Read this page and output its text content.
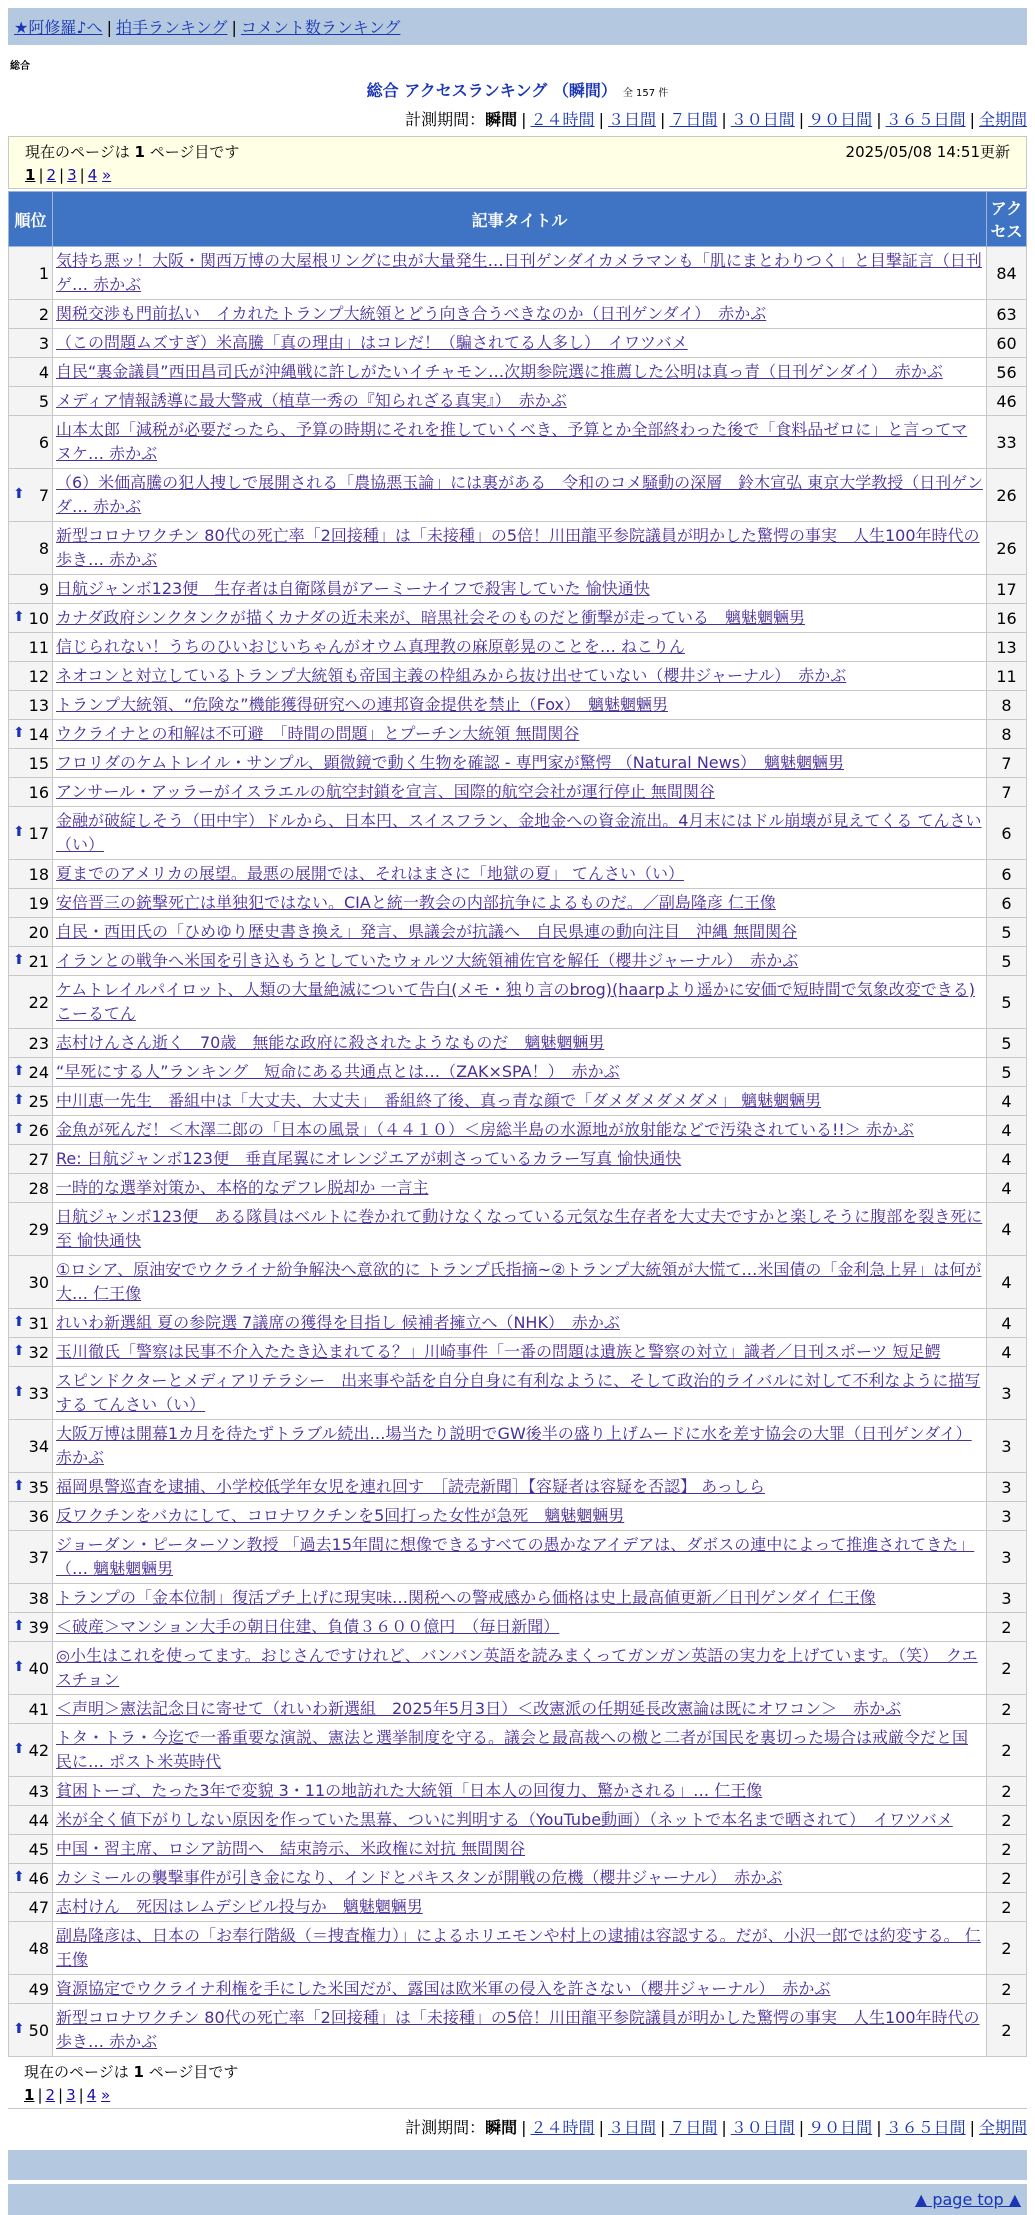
★阿修羅♪へ | 拍手ランキング | コメント数ランキング
総合
総合 アクセスランキング （瞬間） 全 157 件
計測期間：瞬間 | ２４時間 | ３日間 | ７日間 | ３０日間 | ９０日間 | ３６５日間 | 全期間
現在のページは 1 ページ目です	2025/05/08 14:51更新
1 | 2 | 3 | 4 »
順位	記事タイトル	アクセス
1	気持ち悪ッ！大阪・関西万博の大屋根リングに虫が大量発生…日刊ゲンダイカメラマンも「肌にまとわりつく」と目撃証言（日刊ゲ… 赤かぶ	84
2	関税交渉も門前払い　イカれたトランプ大統領とどう向き合うべきなのか（日刊ゲンダイ）　赤かぶ	63
3	（この問題ムズすぎ）米高騰「真の理由」はコレだ！（騙されてる人多し）　イワツバメ	60
4	自民“裏金議員”西田昌司氏が沖縄戦に許しがたいイチャモン…次期参院選に推薦した公明は真っ青（日刊ゲンダイ）　赤かぶ	56
5	メディア情報誘導に最大警戒（植草一秀の『知られざる真実』）　赤かぶ	46
6	山本太郎「減税が必要だったら、予算の時期にそれを推していくべき、予算とか全部終わった後で「食料品ゼロに」と言ってマヌケ… 赤かぶ	33

⬆ 7	（6）米価高騰の犯人捜しで展開される「農協悪玉論」には裏がある　令和のコメ騒動の深層　鈴木宣弘 東京大学教授（日刊ゲンダ… 赤かぶ	26
8	新型コロナワクチン 80代の死亡率「2回接種」は「未接種」の5倍！川田龍平参院議員が明かした驚愕の事実　人生100年時代の歩き… 赤かぶ	26
9	日航ジャンボ123便　生存者は自衛隊員がアーミーナイフで殺害していた 愉快通快	17

⬆ 10	カナダ政府シンクタンクが描くカナダの近未来が、暗黒社会そのものだと衝撃が走っている　魑魅魍魎男	16
11	信じられない！うちのひいおじいちゃんがオウム真理教の麻原彰晃のことを… ねこりん	13
12	ネオコンと対立しているトランプ大統領も帝国主義の枠組みから抜け出せていない（櫻井ジャーナル）　赤かぶ	11
13	トランプ大統領、“危険な”機能獲得研究への連邦資金提供を禁止（Fox）　魑魅魍魎男	8

⬆ 14	ウクライナとの和解は不可避　「時間の問題」とプーチン大統領 無間関谷	8
15	フロリダのケムトレイル・サンプル、顕微鏡で動く生物を確認 - 専門家が驚愕 （Natural News）　魑魅魍魎男	7
16	アンサール・アッラーがイスラエルの航空封鎖を宣言、国際的航空会社が運行停止 無間関谷	7

⬆ 17	金融が破綻しそう（田中宇）ドルから、日本円、スイスフラン、金地金への資金流出。4月末にはドル崩壊が見えてくる てんさい（い）	6
18	夏までのアメリカの展望。最悪の展開では、それはまさに「地獄の夏」 てんさい（い）	6
19	安倍晋三の銃撃死亡は単独犯ではない。CIAと統一教会の内部抗争によるものだ。／副島隆彦 仁王像	6
20	自民・西田氏の「ひめゆり歴史書き換え」発言、県議会が抗議へ　自民県連の動向注目　沖縄 無間関谷	5

⬆ 21	イランとの戦争へ米国を引き込もうとしていたウォルツ大統領補佐官を解任（櫻井ジャーナル）　赤かぶ	5
22	ケムトレイルパイロット、人類の大量絶滅について告白(メモ・独り言のbrog)(haarpより遥かに安価で短時間で気象改変できる) こーるてん	5
23	志村けんさん逝く　70歳　無能な政府に殺されたようなものだ　魑魅魍魎男	5

⬆ 24	“早死にする人”ランキング　短命にある共通点とは…（ZAK×SPA！）　赤かぶ	5

⬆ 25	中川恵一先生　番組中は「大丈夫、大丈夫」　番組終了後、真っ青な顔で「ダメダメダメダメ」 魑魅魍魎男	4

⬆ 26	金魚が死んだ！＜木澤二郎の「日本の風景」（４４１０）＜房総半島の水源地が放射能などで汚染されている!!＞ 赤かぶ	4
27	Re: 日航ジャンボ123便　垂直尾翼にオレンジエアが刺さっているカラー写真 愉快通快	4
28	一時的な選挙対策か、本格的なデフレ脱却か 一言主	4
29	日航ジャンボ123便　ある隊員はベルトに巻かれて動けなくなっている元気な生存者を大丈夫ですかと楽しそうに腹部を裂き死に至 愉快通快	4
30	①ロシア、原油安でウクライナ紛争解決へ意欲的に トランプ氏指摘~②トランプ大統領が大慌て…米国債の「金利急上昇」は何が大… 仁王像	4

⬆ 31	れいわ新選組 夏の参院選 7議席の獲得を目指し 候補者擁立へ（NHK）　赤かぶ	4

⬆ 32	玉川徹氏「警察は民事不介入たたき込まれてる？」川崎事件「一番の問題は遺族と警察の対立」識者／日刊スポーツ 短足鰐	4

⬆ 33	スピンドクターとメディアリテラシー　出来事や話を自分自身に有利なように、そして政治的ライバルに対して不利なように描写する てんさい（い）	3
34	大阪万博は開幕1カ月を待たずトラブル続出…場当たり説明でGW後半の盛り上げムードに水を差す協会の大罪（日刊ゲンダイ） 赤かぶ	3

⬆ 35	福岡県警巡査を逮捕、小学校低学年女児を連れ回す　［読売新聞］【容疑者は容疑を否認】 あっしら	3
36	反ワクチンをバカにして、コロナワクチンを5回打った女性が急死　魑魅魍魎男	3
37	ジョーダン・ピーターソン教授 「過去15年間に想像できるすべての愚かなアイデアは、ダボスの連中によって推進されてきた」（… 魑魅魍魎男	3
38	トランプの「金本位制」復活プチ上げに現実味…関税への警戒感から価格は史上最高値更新／日刊ゲンダイ 仁王像	3

⬆ 39	＜破産＞マンション大手の朝日住建、負債３６００億円　（毎日新聞）	2

⬆ 40	◎小生はこれを使ってます。おじさんですけれど、バンバン英語を読みまくってガンガン英語の実力を上げています。（笑）　クエスチョン	2
41	＜声明＞憲法記念日に寄せて（れいわ新選組　2025年5月3日）＜改憲派の任期延長改憲論は既にオワコン＞　赤かぶ	2

⬆ 42	トタ・トラ・今迄で一番重要な演説、憲法と選挙制度を守る。議会と最高裁への檄と二者が国民を裏切った場合は戒厳令だと国民に… ポスト米英時代	2
43	貧困トーゴ、たった3年で変貌 3・11の地訪れた大統領「日本人の回復力、驚かされる」… 仁王像	2
44	米が全く値下がりしない原因を作っていた黒幕、ついに判明する（YouTube動画）（ネットで本名まで晒されて）　イワツバメ	2
45	中国・習主席、ロシア訪問へ　結束誇示、米政権に対抗 無間関谷	2

⬆ 46	カシミールの襲撃事件が引き金になり、インドとパキスタンが開戦の危機（櫻井ジャーナル）　赤かぶ	2
47	志村けん　死因はレムデシビル投与か　魑魅魍魎男	2
48	副島隆彦は、日本の「お奉行階級（＝捜査権力）」によるホリエモンや村上の逮捕は容認する。だが、小沢一郎では約変する。 仁王像	2
49	資源協定でウクライナ利権を手にした米国だが、露国は欧米軍の侵入を許さない（櫻井ジャーナル）　赤かぶ	2

⬆ 50	新型コロナワクチン 80代の死亡率「2回接種」は「未接種」の5倍！川田龍平参院議員が明かした驚愕の事実　人生100年時代の歩き… 赤かぶ	2
現在のページは 1 ページ目です
1 | 2 | 3 | 4 »
計測期間：瞬間 | ２４時間 | ３日間 | ７日間 | ３０日間 | ９０日間 | ３６５日間 | 全期間
▲ page top ▲
